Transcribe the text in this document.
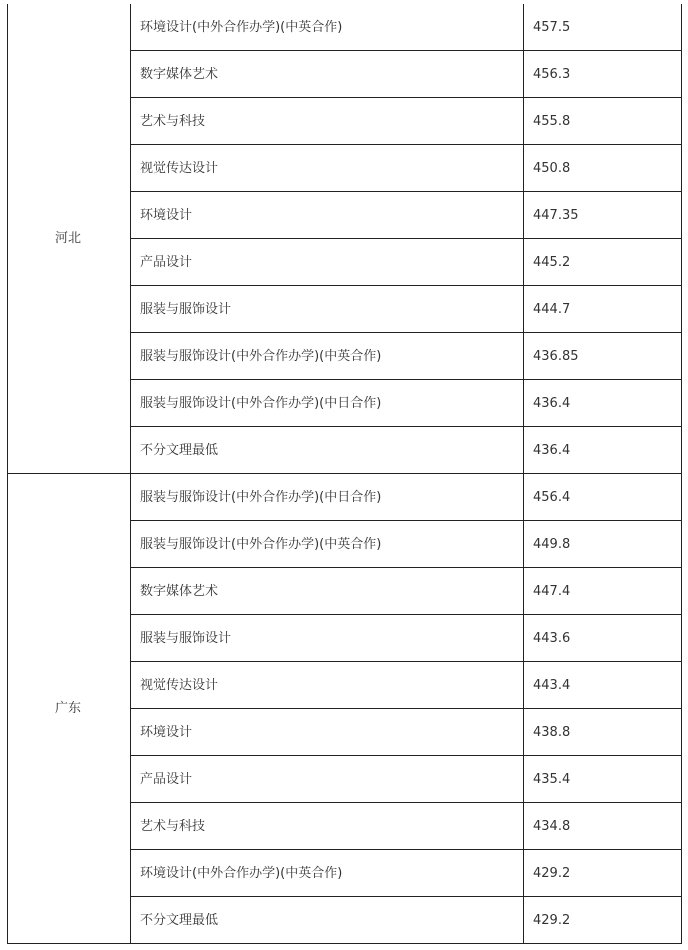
河北	环境设计(中外合作办学)(中英合作)	457.5
	数字媒体艺术	456.3
	艺术与科技	455.8
	视觉传达设计	450.8
	环境设计	447.35
	产品设计	445.2
	服装与服饰设计	444.7
	服装与服饰设计(中外合作办学)(中英合作)	436.85
	服装与服饰设计(中外合作办学)(中日合作)	436.4
	不分文理最低	436.4
广东	服装与服饰设计(中外合作办学)(中日合作)	456.4
	服装与服饰设计(中外合作办学)(中英合作)	449.8
	数字媒体艺术	447.4
	服装与服饰设计	443.6
	视觉传达设计	443.4
	环境设计	438.8
	产品设计	435.4
	艺术与科技	434.8
	环境设计(中外合作办学)(中英合作)	429.2
	不分文理最低	429.2
